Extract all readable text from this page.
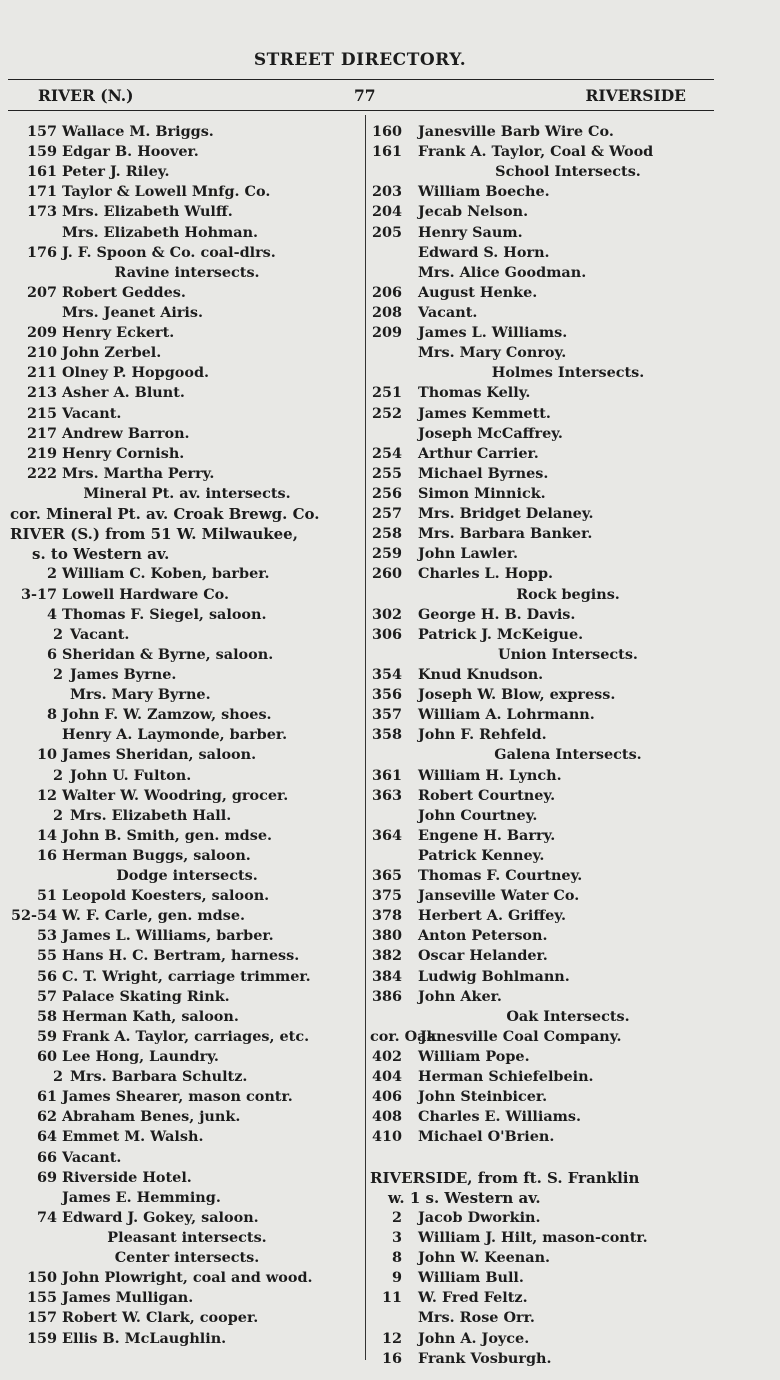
STREET DIRECTORY.
RIVER (N.)	77	RIVERSIDE
157 Wallace M. Briggs.
159 Edgar B. Hoover.
161 Peter J. Riley.
171 Taylor & Lowell Mnfg. Co.
173 Mrs. Elizabeth Wulff.
Mrs. Elizabeth Hohman.
176 J. F. Spoon & Co. coal-dlrs.
Ravine intersects.
207 Robert Geddes.
Mrs. Jeanet Airis.
209 Henry Eckert.
210 John Zerbel.
211 Olney P. Hopgood.
213 Asher A. Blunt.
215 Vacant.
217 Andrew Barron.
219 Henry Cornish.
222 Mrs. Martha Perry.
Mineral Pt. av. intersects.
cor. Mineral Pt. av. Croak Brewg. Co.
RIVER (S.) from 51 W. Milwaukee,
s. to Western av.
2 William C. Koben, barber.
3-17 Lowell Hardware Co.
4 Thomas F. Siegel, saloon.
2 Vacant.
6 Sheridan & Byrne, saloon.
2 James Byrne.
Mrs. Mary Byrne.
8 John F. W. Zamzow, shoes.
Henry A. Laymonde, barber.
10 James Sheridan, saloon.
2 John U. Fulton.
12 Walter W. Woodring, grocer.
2 Mrs. Elizabeth Hall.
14 John B. Smith, gen. mdse.
16 Herman Buggs, saloon.
Dodge intersects.
51 Leopold Koesters, saloon.
52-54 W. F. Carle, gen. mdse.
53 James L. Williams, barber.
55 Hans H. C. Bertram, harness.
56 C. T. Wright, carriage trimmer.
57 Palace Skating Rink.
58 Herman Kath, saloon.
59 Frank A. Taylor, carriages, etc.
60 Lee Hong, Laundry.
2 Mrs. Barbara Schultz.
61 James Shearer, mason contr.
62 Abraham Benes, junk.
64 Emmet M. Walsh.
66 Vacant.
69 Riverside Hotel.
James E. Hemming.
74 Edward J. Gokey, saloon.
Pleasant intersects.
Center intersects.
150 John Plowright, coal and wood.
155 James Mulligan.
157 Robert W. Clark, cooper.
159 Ellis B. McLaughlin.
160 Janesville Barb Wire Co.
161 Frank A. Taylor, Coal & Wood
School Intersects.
203 William Boeche.
204 Jecab Nelson.
205 Henry Saum.
Edward S. Horn.
Mrs. Alice Goodman.
206 August Henke.
208 Vacant.
209 James L. Williams.
Mrs. Mary Conroy.
Holmes Intersects.
251 Thomas Kelly.
252 James Kemmett.
Joseph McCaffrey.
254 Arthur Carrier.
255 Michael Byrnes.
256 Simon Minnick.
257 Mrs. Bridget Delaney.
258 Mrs. Barbara Banker.
259 John Lawler.
260 Charles L. Hopp.
Rock begins.
302 George H. B. Davis.
306 Patrick J. McKeigue.
Union Intersects.
354 Knud Knudson.
356 Joseph W. Blow, express.
357 William A. Lohrmann.
358 John F. Rehfeld.
Galena Intersects.
361 William H. Lynch.
363 Robert Courtney.
John Courtney.
364 Engene H. Barry.
Patrick Kenney.
365 Thomas F. Courtney.
375 Janseville Water Co.
378 Herbert A. Griffey.
380 Anton Peterson.
382 Oscar Helander.
384 Ludwig Bohlmann.
386 John Aker.
Oak Intersects.
cor. Oak
Janesville Coal Company.
402 William Pope.
404 Herman Schiefelbein.
406 John Steinbicer.
408 Charles E. Williams.
410 Michael O'Brien.
RIVERSIDE, from ft. S. Franklin
w. 1 s. Western av.
2 Jacob Dworkin.
3 William J. Hilt, mason-contr.
8 John W. Keenan.
9 William Bull.
11 W. Fred Feltz.
Mrs. Rose Orr.
12 John A. Joyce.
16 Frank Vosburgh.
